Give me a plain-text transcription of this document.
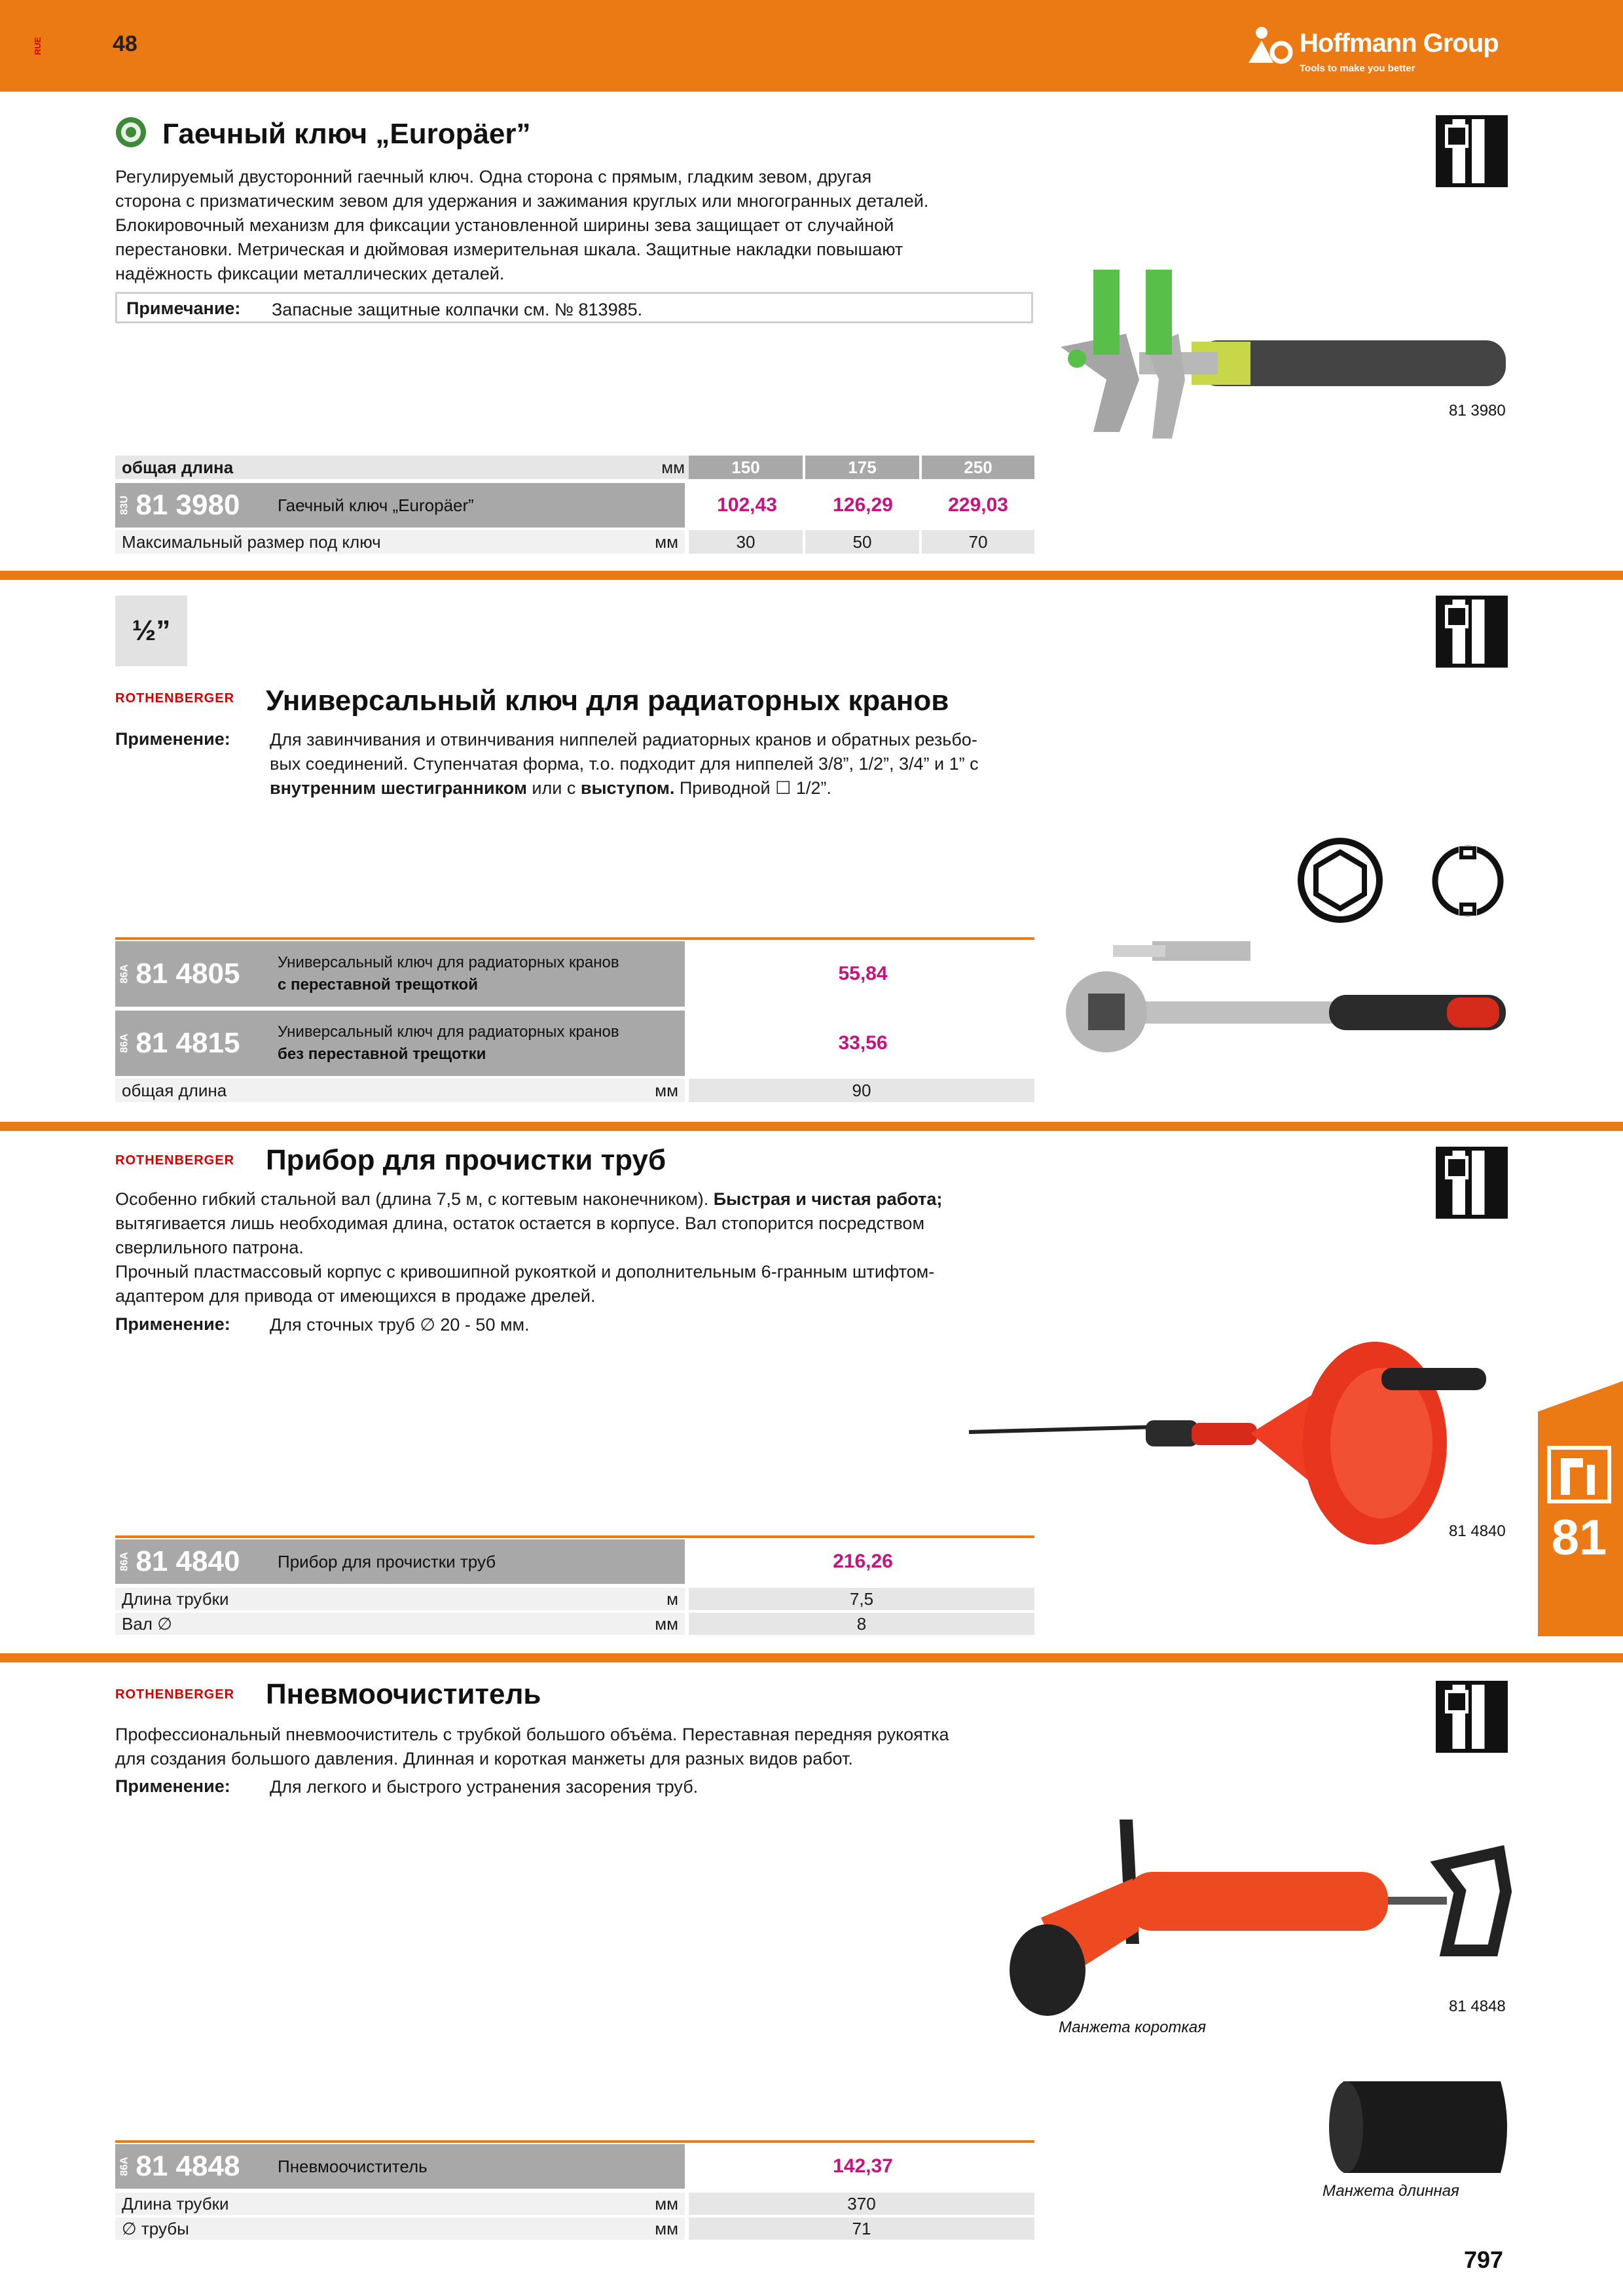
RUE	48	Hoffmann Group
Tools to make you better
Гаечный ключ „Europäer”
Регулируемый двусторонний гаечный ключ. Одна сторона с прямым, гладким зевом, другая
сторона с призматическим зевом для удержания и зажимания круглых или многогранных деталей.
Блокировочный механизм для фиксации установленной ширины зева защищает от случайной
перестановки. Метрическая и дюймовая измерительная шкала. Защитные накладки повышают
надёжность фиксации металлических деталей.
Примечание: Запасные защитные колпачки см. № 813985.
81 3980
общая длина	мм	150	175	250
83U 81 3980 Гаечный ключ „Europäer”	102,43	126,29	229,03
Максимальный размер под ключ	мм	30	50	70
½”
ROTHENBERGER Универсальный ключ для радиаторных кранов
Применение: Для завинчивания и отвинчивания ниппелей радиаторных кранов и обратных резьбо-
вых соединений. Ступенчатая форма, т.о. подходит для ниппелей 3/8”, 1/2”, 3/4” и 1” с
внутренним шестигранником или с выступом. Приводной ☐ 1/2”.
86A 81 4805 Универсальный ключ для радиаторных кранов
с переставной трещоткой
55,84
86A 81 4815 Универсальный ключ для радиаторных кранов
без переставной трещотки
33,56
общая длина	мм	90
ROTHENBERGER Прибор для прочистки труб
Особенно гибкий стальной вал (длина 7,5 м, с когтевым наконечником). Быстрая и чистая работа;
вытягивается лишь необходимая длина, остаток остается в корпусе. Вал стопорится посредством
сверлильного патрона.
Прочный пластмассовый корпус с кривошипной рукояткой и дополнительным 6-гранным штифтом-
адаптером для привода от имеющихся в продаже дрелей.
Применение: Для сточных труб ∅ 20 - 50 мм.
81 4840
86A 81 4840 Прибор для прочистки труб	216,26
Длина трубки	м	7,5
Вал ∅	мм	8
81
ROTHENBERGER Пневмоочиститель
Профессиональный пневмоочиститель с трубкой большого объёма. Переставная передняя рукоятка
для создания большого давления. Длинная и короткая манжеты для разных видов работ.
Применение: Для легкого и быстрого устранения засорения труб.
Манжета короткая
81 4848
Манжета длинная
86A 81 4848 Пневмоочиститель	142,37
Длина трубки	мм	370
∅ трубы	мм	71
797
